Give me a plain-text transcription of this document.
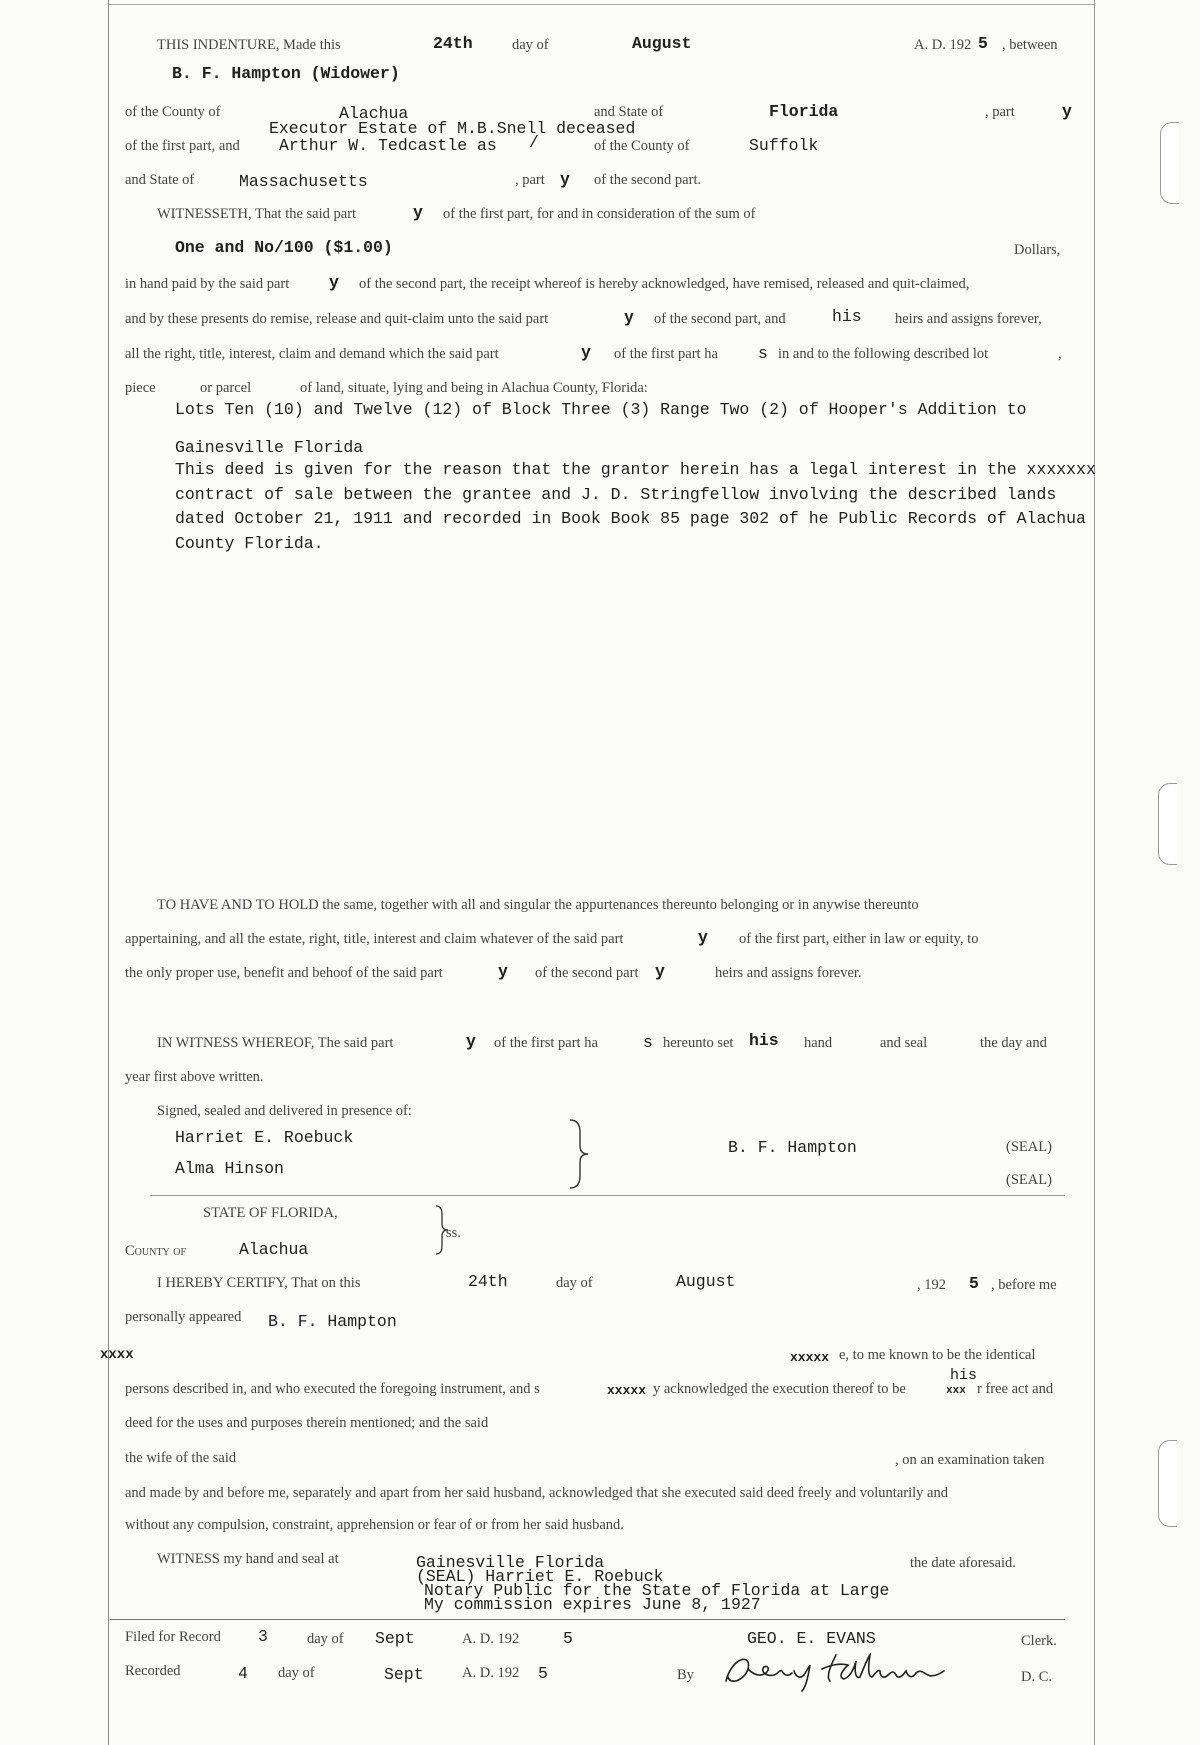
THIS INDENTURE, Made this	24th	day of	August	A. D. 192 5 , between
B. F. Hampton (Widower)
of the County of	Alachua	and State of	Florida	, part	y
Executor Estate of M.B.Snell deceased
of the first part, and Arthur W. Tedcastle as /	of the County of	Suffolk
and State of	Massachusetts	, part y of the second part.
WITNESSETH, That the said part	y of the first part, for and in consideration of the sum of
One and No/100 ($1.00)	Dollars,
in hand paid by the said part y of the second part, the receipt whereof is hereby acknowledged, have remised, released and quit-claimed,
and by these presents do remise, release and quit-claim unto the said part	y of the second part, and	his heirs and assigns forever,
all the right, title, interest, claim and demand which the said part	y of the first part ha s in and to the following described lot	,
piece	or parcel	of land, situate, lying and being in Alachua County, Florida:
Lots Ten (10) and Twelve (12) of Block Three (3) Range Two (2) of Hooper's Addition to
Gainesville Florida
This deed is given for the reason that the grantor herein has a legal interest in the xxxxxxx
contract of sale between the grantee and J. D. Stringfellow involving the described lands
dated October 21, 1911 and recorded in Book Book 85 page 302 of he Public Records of Alachua
County Florida.
TO HAVE AND TO HOLD the same, together with all and singular the appurtenances thereunto belonging or in anywise thereunto
appertaining, and all the estate, right, title, interest and claim whatever of the said part	y of the first part, either in law or equity, to
the only proper use, benefit and behoof of the said part	y of the second part y	heirs and assigns forever.
IN WITNESS WHEREOF, The said part	y of the first part ha	s hereunto set his hand	and seal	the day and
year first above written.
Signed, sealed and delivered in presence of:
Harriet E. Roebuck
Alma Hinson
B. F. Hampton	(SEAL)
(SEAL)
STATE OF FLORIDA,
ss.
County of	Alachua
I HEREBY CERTIFY, That on this	24th	day of	August	, 192 5 , before me
personally appeared B. F. Hampton
xxxx	xxxxx e, to me known to be the identical
persons described in, and who executed the foregoing instrument, and s	xxxxx y acknowledged the execution thereof to be
his
xxx r free act and
deed for the uses and purposes therein mentioned; and the said
the wife of the said	, on an examination taken
and made by and before me, separately and apart from her said husband, acknowledged that she executed said deed freely and voluntarily and
without any compulsion, constraint, apprehension or fear of or from her said husband.
WITNESS my hand and seal at	Gainesville Florida	the date aforesaid.
(SEAL) Harriet E. Roebuck
Notary Public for the State of Florida at Large
My commission expires June 8, 1927
Filed for Record 3	day of Sept	A. D. 192	5	GEO. E. EVANS	Clerk.
Recorded	4 day of	Sept	A. D. 192 5	By	D. C.
